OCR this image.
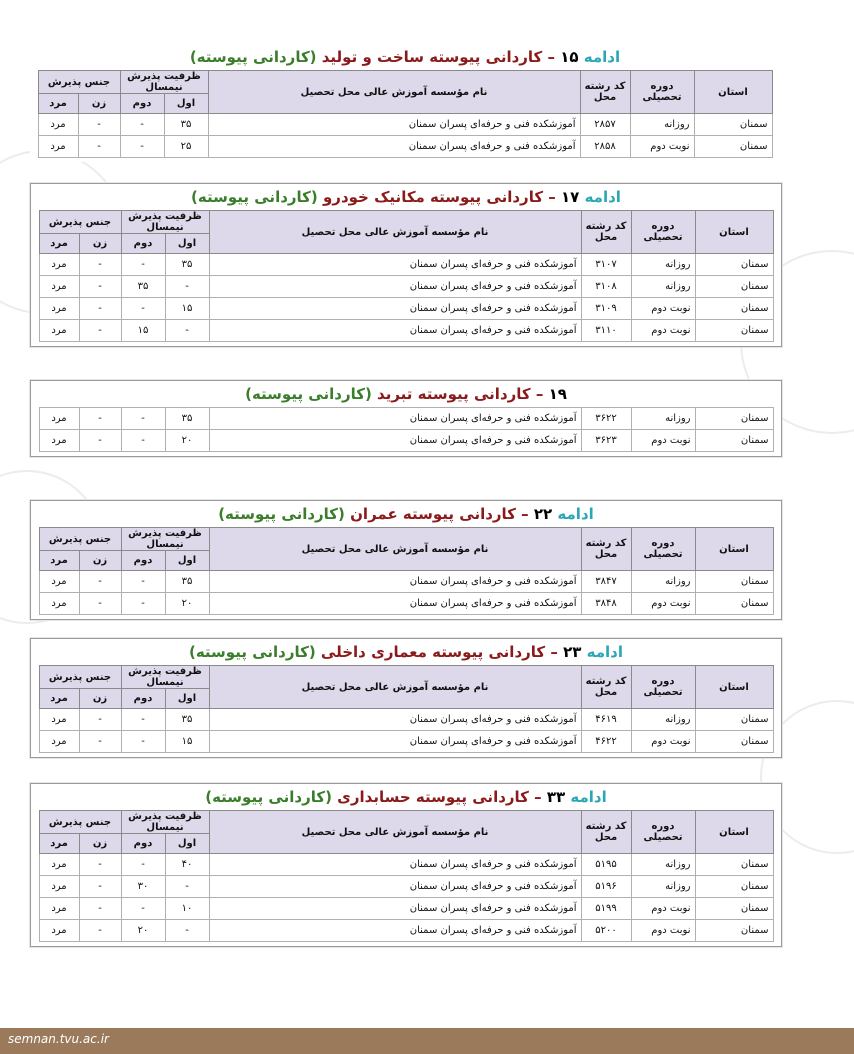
ادامه ۱۵ – کاردانی پیوسته ساخت و تولید (کاردانی پیوسته)
استان	دوره تحصیلی	کد رشته محل	نام مؤسسه آموزش عالی محل تحصیل	ظرفیت پذیرش نیمسال		جنس پذیرش	
				اول	دوم	زن	مرد
سمنان	روزانه	۲۸۵۷	آموزشکده فنی و حرفه‌ای پسران سمنان	۳۵	-	-	مرد
سمنان	نوبت دوم	۲۸۵۸	آموزشکده فنی و حرفه‌ای پسران سمنان	۲۵	-	-	مرد
ادامه ۱۷ – کاردانی پیوسته مکانیک خودرو (کاردانی پیوسته)
استان	دوره تحصیلی	کد رشته محل	نام مؤسسه آموزش عالی محل تحصیل	ظرفیت پذیرش نیمسال		جنس پذیرش	
				اول	دوم	زن	مرد
سمنان	روزانه	۳۱۰۷	آموزشکده فنی و حرفه‌ای پسران سمنان	۳۵	-	-	مرد
سمنان	روزانه	۳۱۰۸	آموزشکده فنی و حرفه‌ای پسران سمنان	-	۳۵	-	مرد
سمنان	نوبت دوم	۳۱۰۹	آموزشکده فنی و حرفه‌ای پسران سمنان	۱۵	-	-	مرد
سمنان	نوبت دوم	۳۱۱۰	آموزشکده فنی و حرفه‌ای پسران سمنان	-	۱۵	-	مرد
۱۹ – کاردانی پیوسته تبرید (کاردانی پیوسته)
سمنان	روزانه	۳۶۲۲	آموزشکده فنی و حرفه‌ای پسران سمنان	۳۵	-	-	مرد
سمنان	نوبت دوم	۳۶۲۳	آموزشکده فنی و حرفه‌ای پسران سمنان	۲۰	-	-	مرد
ادامه ۲۲ – کاردانی پیوسته عمران (کاردانی پیوسته)
استان	دوره تحصیلی	کد رشته محل	نام مؤسسه آموزش عالی محل تحصیل	ظرفیت پذیرش نیمسال		جنس پذیرش	
				اول	دوم	زن	مرد
سمنان	روزانه	۳۸۴۷	آموزشکده فنی و حرفه‌ای پسران سمنان	۳۵	-	-	مرد
سمنان	نوبت دوم	۳۸۴۸	آموزشکده فنی و حرفه‌ای پسران سمنان	۲۰	-	-	مرد
ادامه ۲۳ – کاردانی پیوسته معماری داخلی (کاردانی پیوسته)
استان	دوره تحصیلی	کد رشته محل	نام مؤسسه آموزش عالی محل تحصیل	ظرفیت پذیرش نیمسال		جنس پذیرش	
				اول	دوم	زن	مرد
سمنان	روزانه	۴۶۱۹	آموزشکده فنی و حرفه‌ای پسران سمنان	۳۵	-	-	مرد
سمنان	نوبت دوم	۴۶۲۲	آموزشکده فنی و حرفه‌ای پسران سمنان	۱۵	-	-	مرد
ادامه ۳۳ – کاردانی پیوسته حسابداری (کاردانی پیوسته)
استان	دوره تحصیلی	کد رشته محل	نام مؤسسه آموزش عالی محل تحصیل	ظرفیت پذیرش نیمسال		جنس پذیرش	
				اول	دوم	زن	مرد
سمنان	روزانه	۵۱۹۵	آموزشکده فنی و حرفه‌ای پسران سمنان	۴۰	-	-	مرد
سمنان	روزانه	۵۱۹۶	آموزشکده فنی و حرفه‌ای پسران سمنان	-	۳۰	-	مرد
سمنان	نوبت دوم	۵۱۹۹	آموزشکده فنی و حرفه‌ای پسران سمنان	۱۰	-	-	مرد
سمنان	نوبت دوم	۵۲۰۰	آموزشکده فنی و حرفه‌ای پسران سمنان	-	۲۰	-	مرد
semnan.tvu.ac.ir
